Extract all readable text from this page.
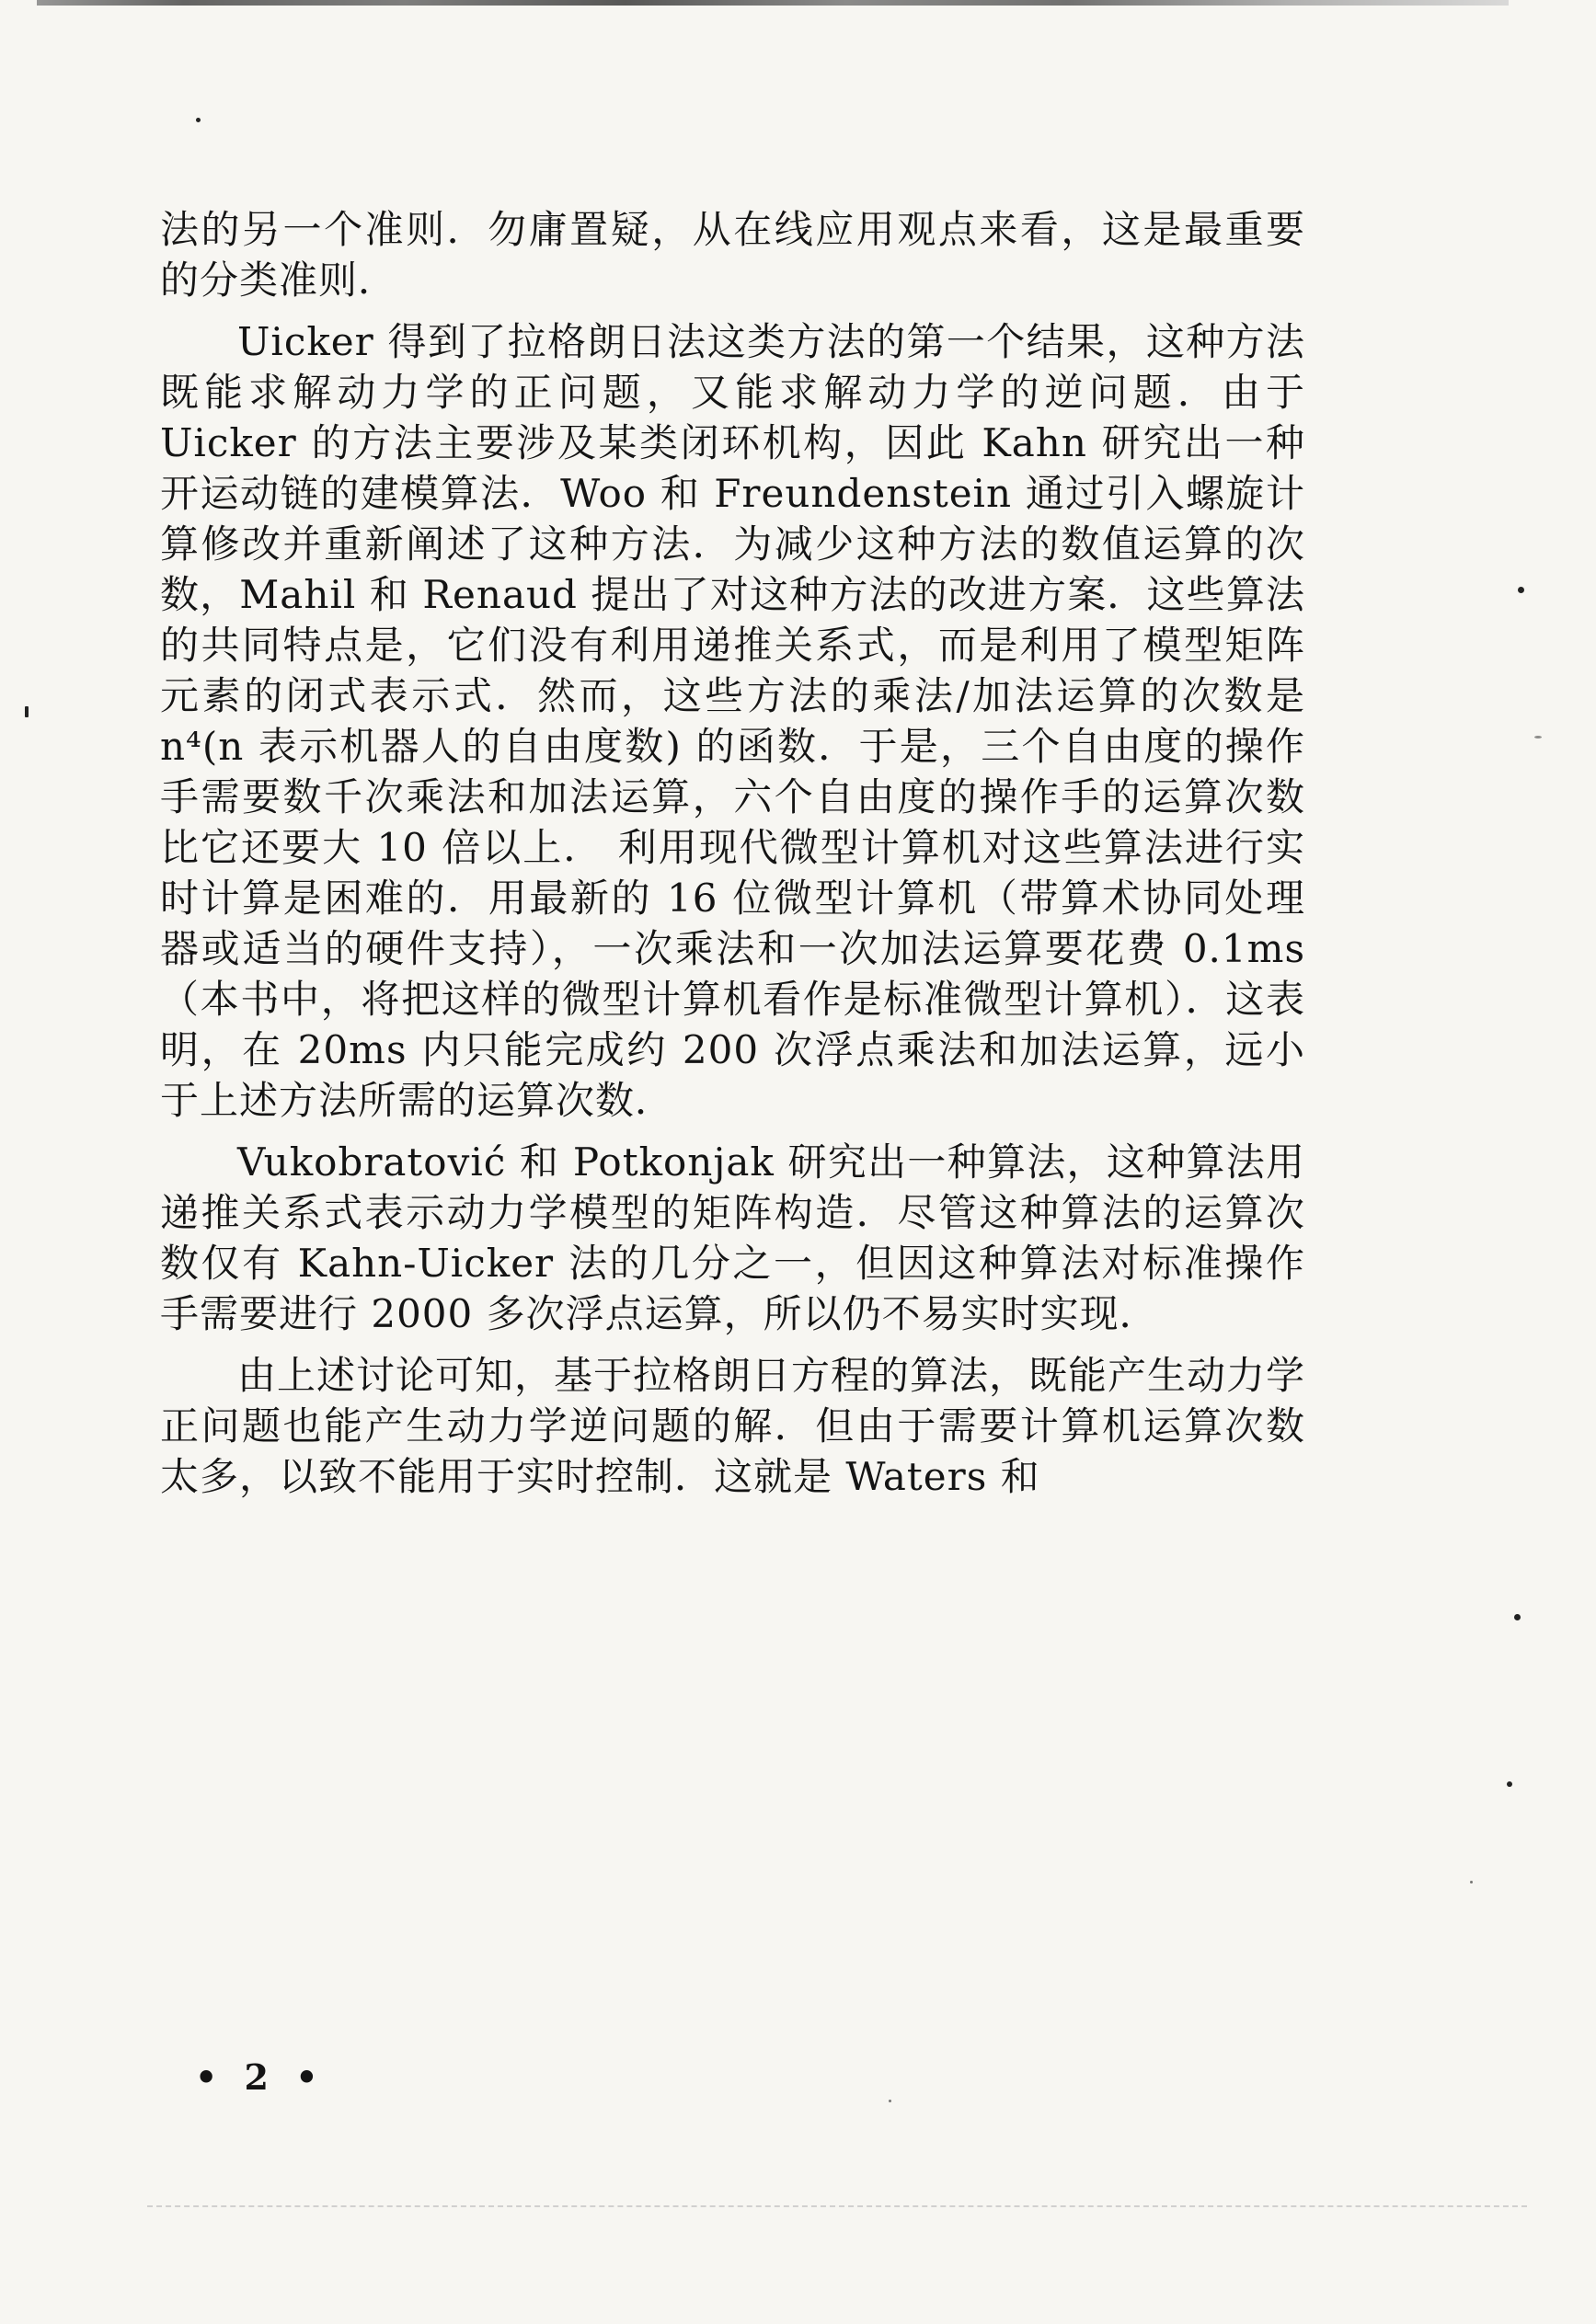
法的另一个准则．勿庸置疑，从在线应用观点来看，这是最重要的分类准则．

Uicker 得到了拉格朗日法这类方法的第一个结果，这种方法既能求解动力学的正问题，又能求解动力学的逆问题．由于 Uicker 的方法主要涉及某类闭环机构，因此 Kahn 研究出一种开运动链的建模算法．Woo 和 Freundenstein 通过引入螺旋计算修改并重新阐述了这种方法．为减少这种方法的数值运算的次数，Mahil 和 Renaud 提出了对这种方法的改进方案．这些算法的共同特点是，它们没有利用递推关系式，而是利用了模型矩阵元素的闭式表示式．然而，这些方法的乘法/加法运算的次数是 n⁴(n 表示机器人的自由度数) 的函数．于是，三个自由度的操作手需要数千次乘法和加法运算，六个自由度的操作手的运算次数比它还要大 10 倍以上． 利用现代微型计算机对这些算法进行实时计算是困难的．用最新的 16 位微型计算机（带算术协同处理器或适当的硬件支持），一次乘法和一次加法运算要花费 0.1ms（本书中，将把这样的微型计算机看作是标准微型计算机）．这表明，在 20ms 内只能完成约 200 次浮点乘法和加法运算，远小于上述方法所需的运算次数．

Vukobratović 和 Potkonjak 研究出一种算法，这种算法用递推关系式表示动力学模型的矩阵构造．尽管这种算法的运算次数仅有 Kahn-Uicker 法的几分之一，但因这种算法对标准操作手需要进行 2000 多次浮点运算，所以仍不易实时实现．

由上述讨论可知，基于拉格朗日方程的算法，既能产生动力学正问题也能产生动力学逆问题的解．但由于需要计算机运算次数太多，以致不能用于实时控制．这就是 Waters 和

• 2 •
